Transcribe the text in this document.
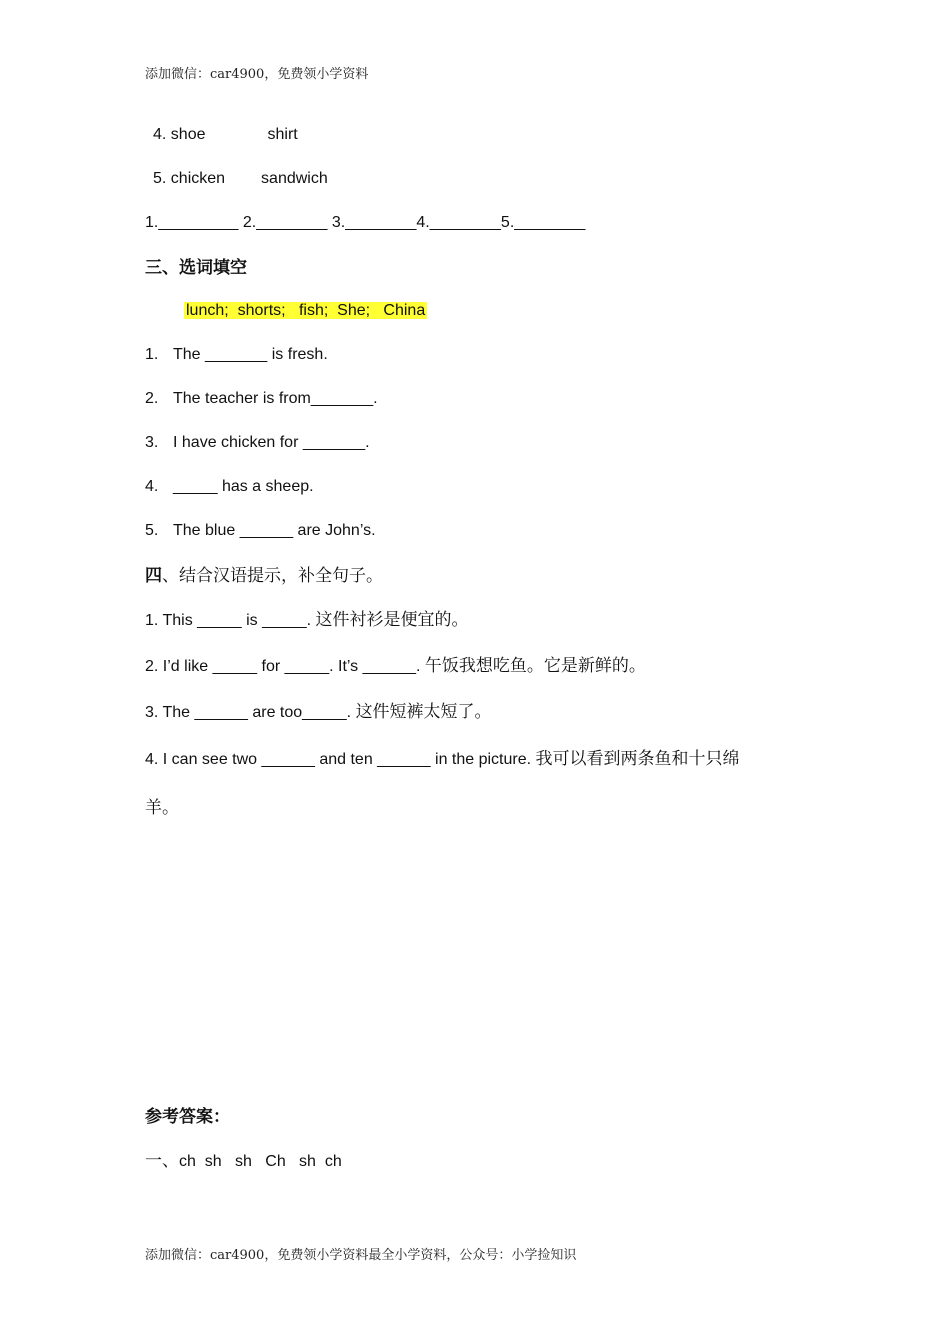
添加微信：car4900，免费领小学资料
4. shoe	shirt
5. chicken sandwich
1._________ 2.________ 3.________4.________5.________
三、选词填空
lunch;  shorts;   fish;  She;   China
1. The _______ is fresh.
2. The teacher is from_______.
3. I have chicken for _______.
4. _____ has a sheep.
5. The blue ______ are John’s.
四、结合汉语提示，补全句子。
1. This _____ is _____. 这件衬衫是便宜的。
2. I’d like _____ for _____. It’s ______. 午饭我想吃鱼。它是新鲜的。
3. The ______ are too_____. 这件短裤太短了。
4. I can see two ______ and ten ______ in the picture. 我可以看到两条鱼和十只绵
羊。
参考答案：
一、ch  sh   sh   Ch   sh  ch
添加微信：car4900，免费领小学资料最全小学资料，公众号：小学捡知识
